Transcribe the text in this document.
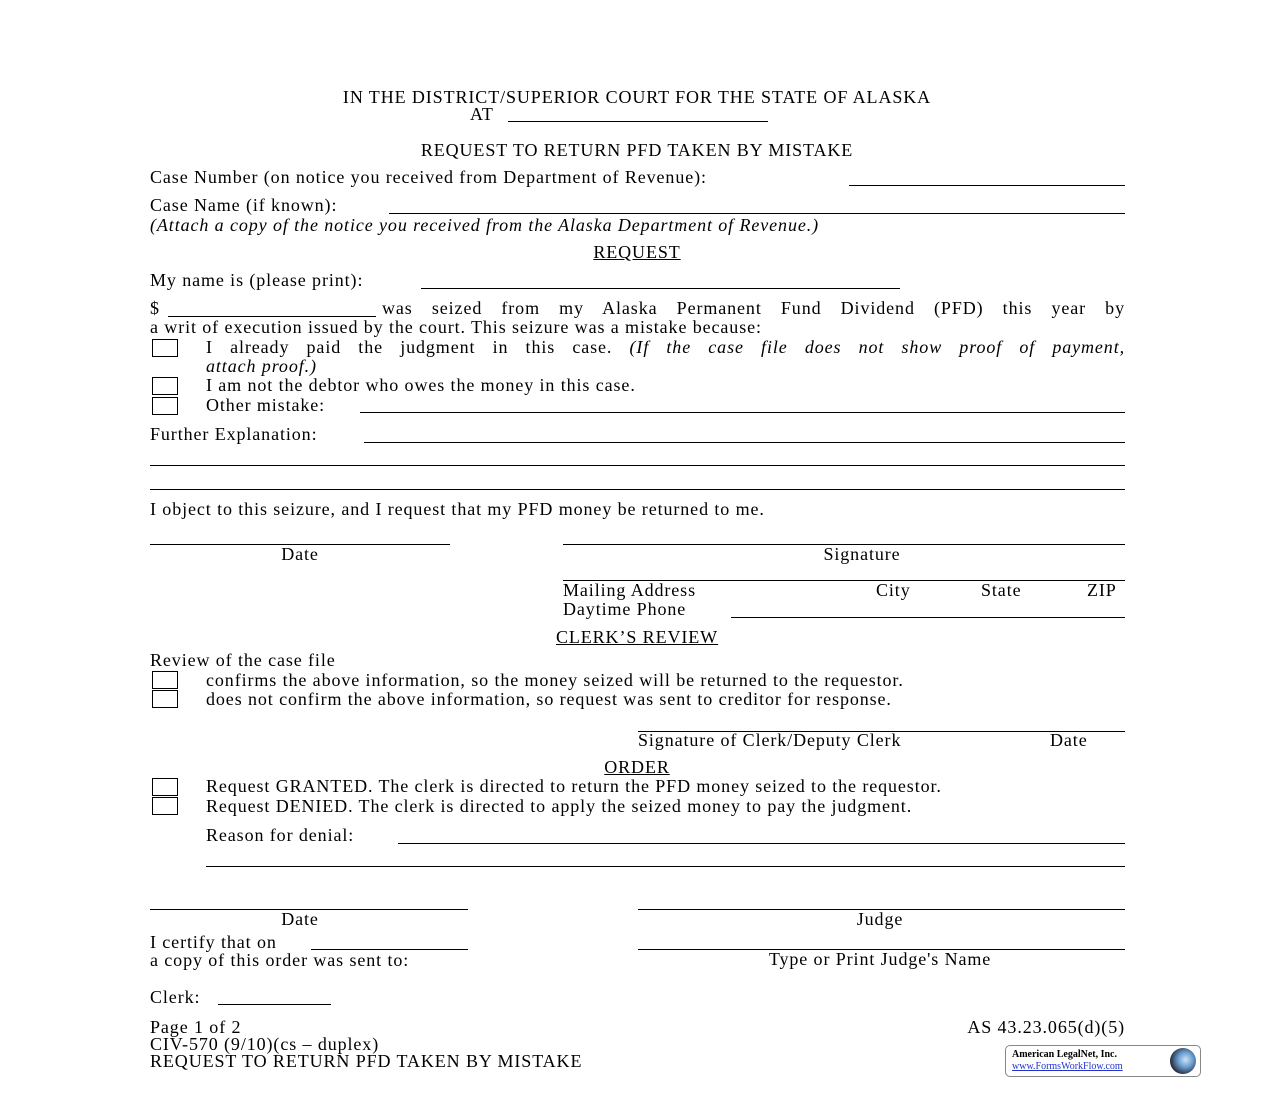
IN THE DISTRICT/SUPERIOR COURT FOR THE STATE OF ALASKA
AT
REQUEST TO RETURN PFD TAKEN BY MISTAKE
Case Number (on notice you received from Department of Revenue):
Case Name (if known):
(Attach a copy of the notice you received from the Alaska Department of Revenue.)
REQUEST
My name is (please print):
$	was seized from my Alaska Permanent Fund Dividend (PFD) this year by
a writ of execution issued by the court. This seizure was a mistake because:
I already paid the judgment in this case. (If the case file does not show proof of payment,
attach proof.)
I am not the debtor who owes the money in this case.
Other mistake:
Further Explanation:
I object to this seizure, and I request that my PFD money be returned to me.
Date	Signature
Mailing Address	City	State	ZIP
Daytime Phone
CLERK’S REVIEW
Review of the case file
confirms the above information, so the money seized will be returned to the requestor.
does not confirm the above information, so request was sent to creditor for response.
Signature of Clerk/Deputy Clerk	Date
ORDER
Request GRANTED. The clerk is directed to return the PFD money seized to the requestor.
Request DENIED. The clerk is directed to apply the seized money to pay the judgment.
Reason for denial:
Date	Judge
I certify that on
a copy of this order was sent to:	Type or Print Judge's Name
Clerk:
Page 1 of 2	AS 43.23.065(d)(5)
CIV-570 (9/10)(cs – duplex)
REQUEST TO RETURN PFD TAKEN BY MISTAKE	American LegalNet, Inc.
www.FormsWorkFlow.com
